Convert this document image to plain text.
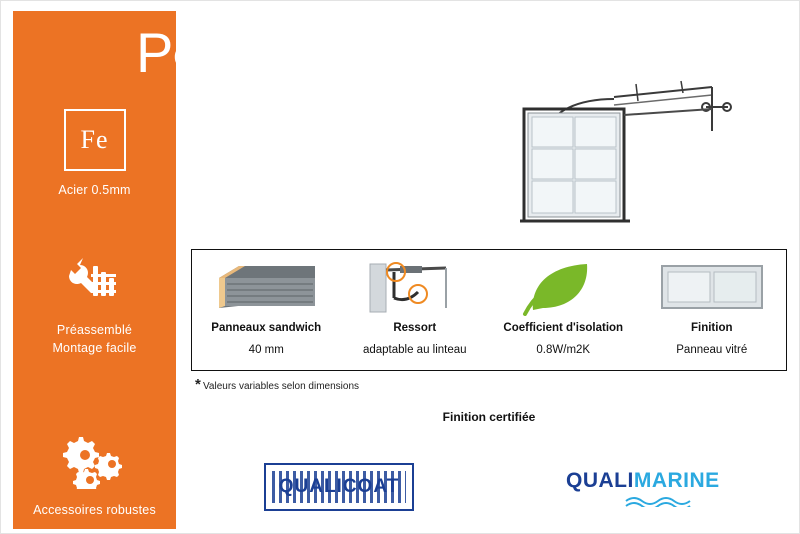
Fe
Acier 0.5mm
Préassemblé
Montage facile
Accessoires robustes
Porte industrielle vitrée
Panneaux sandwich
40 mm
Ressort
adaptable au linteau
Coefficient d'isolation
0.8W/m2K
Finition
Panneau vitré
* Valeurs variables selon dimensions
Finition certifiée
QUALICOAT	QUALIMARINE
